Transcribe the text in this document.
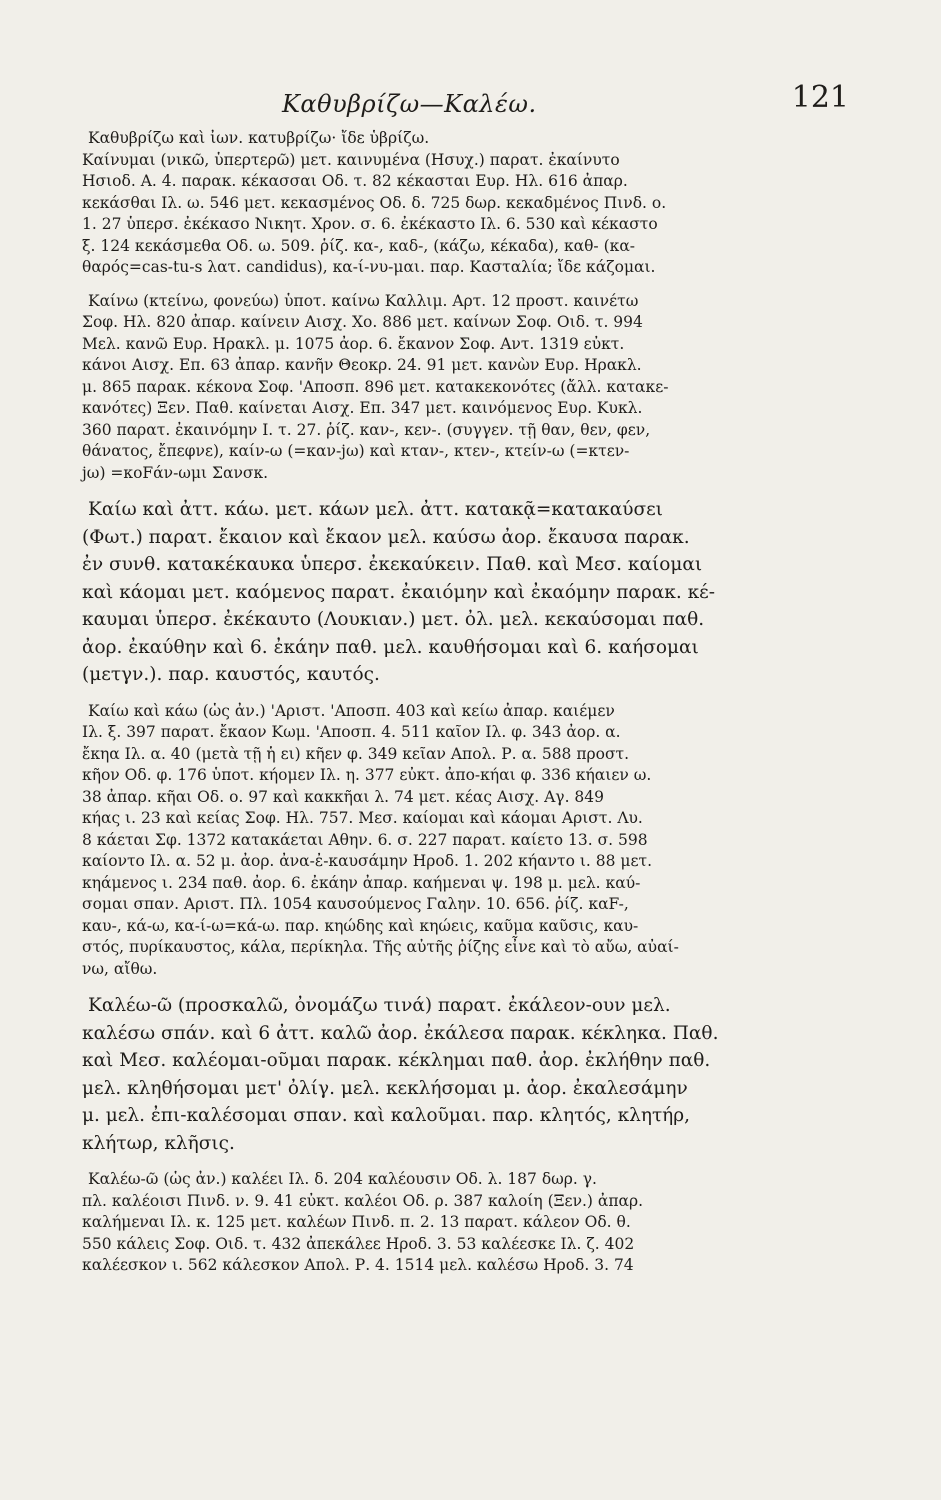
Καθυβρίζω—Καλέω.	121

Καθυβρίζω καὶ ἰων. κατυβρίζω· ἴδε ὑβρίζω.

Καίνυμαι (νικῶ, ὑπερτερῶ) μετ. καινυμένα (Ησυχ.) παρατ. ἐκαίνυτο

Ησιοδ. Α. 4. παρακ. κέκασσαι Οδ. τ. 82 κέκασται Ευρ. Ηλ. 616 ἀπαρ.

κεκάσθαι Ιλ. ω. 546 μετ. κεκασμένος Οδ. δ. 725 δωρ. κεκαδμένος Πινδ. ο.

1. 27 ὑπερσ. ἐκέκασο Νικητ. Χρον. σ. 6. ἐκέκαστο Ιλ. 6. 530 καὶ κέκαστο

ξ. 124 κεκάσμεθα Οδ. ω. 509. ῥίζ. κα-, καδ-, (κάζω, κέκαδα), καθ- (κα-

θαρός=cas-tu-s λατ. candidus), κα-ί-νυ-μαι. παρ. Κασταλία; ἴδε κάζομαι.

Καίνω (κτείνω, φονεύω) ὑποτ. καίνω Καλλιμ. Αρτ. 12 προστ. καινέτω

Σοφ. Ηλ. 820 ἀπαρ. καίνειν Αισχ. Χο. 886 μετ. καίνων Σοφ. Οιδ. τ. 994

Μελ. κανῶ Ευρ. Ηρακλ. μ. 1075 ἀορ. 6. ἔκανον Σοφ. Αντ. 1319 εὐκτ.

κάνοι Αισχ. Επ. 63 ἀπαρ. κανῆν Θεοκρ. 24. 91 μετ. κανὼν Ευρ. Ηρακλ.

μ. 865 παρακ. κέκονα Σοφ. 'Αποσπ. 896 μετ. κατακεκονότες (ἄλλ. κατακε-

κανότες) Ξεν. Παθ. καίνεται Αισχ. Επ. 347 μετ. καινόμενος Ευρ. Κυκλ.

360 παρατ. ἐκαινόμην Ι. τ. 27. ῥίζ. καν-, κεν-. (συγγεν. τῇ θαν, θεν, φεν,

θάνατος, ἔπεφνε), καίν-ω (=καν-jω) καὶ κταν-, κτεν-, κτείν-ω (=κτεν-

jω) =κοFάν-ωμι Σανσκ.

Καίω καὶ ἀττ. κάω. μετ. κάων μελ. ἀττ. κατακᾷ=κατακαύσει

(Φωτ.) παρατ. ἔκαιον καὶ ἔκαον μελ. καύσω ἀορ. ἔκαυσα παρακ.

ἐν συνθ. κατακέκαυκα ὑπερσ. ἐκεκαύκειν. Παθ. καὶ Μεσ. καίομαι

καὶ κάομαι μετ. καόμενος παρατ. ἐκαιόμην καὶ ἐκαόμην παρακ. κέ-

καυμαι ὑπερσ. ἐκέκαυτο (Λουκιαν.) μετ. ὀλ. μελ. κεκαύσομαι παθ.

ἀορ. ἐκαύθην καὶ 6. ἐκάην παθ. μελ. καυθήσομαι καὶ 6. καήσομαι

(μετγν.). παρ. καυστός, καυτός.

Καίω καὶ κάω (ὡς ἀν.) 'Αριστ. 'Αποσπ. 403 καὶ κείω ἀπαρ. καιέμεν

Ιλ. ξ. 397 παρατ. ἔκαον Κωμ. 'Αποσπ. 4. 511 καῖον Ιλ. φ. 343 ἀορ. α.

ἔκηα Ιλ. α. 40 (μετὰ τῇ ἡ ει) κῆεν φ. 349 κεῖαν Απολ. Ρ. α. 588 προστ.

κῆον Οδ. φ. 176 ὑποτ. κήομεν Ιλ. η. 377 εὐκτ. ἀπο-κήαι φ. 336 κήαιεν ω.

38 ἀπαρ. κῆαι Οδ. ο. 97 καὶ κακκῆαι λ. 74 μετ. κέας Αισχ. Αγ. 849

κήας ι. 23 καὶ κείας Σοφ. Ηλ. 757. Μεσ. καίομαι καὶ κάομαι Αριστ. Λυ.

8 κάεται Σφ. 1372 κατακάεται Αθην. 6. σ. 227 παρατ. καίετο 13. σ. 598

καίοντο Ιλ. α. 52 μ. ἀορ. ἀνα-ἐ-καυσάμην Ηροδ. 1. 202 κήαντο ι. 88 μετ.

κηάμενος ι. 234 παθ. ἀορ. 6. ἐκάην ἀπαρ. καήμεναι ψ. 198 μ. μελ. καύ-

σομαι σπαν. Αριστ. Πλ. 1054 καυσούμενος Γαλην. 10. 656. ῥίζ. καF-,

καυ-, κά-ω, κα-ί-ω=κά-ω. παρ. κηώδης καὶ κηώεις, καῦμα καῦσις, καυ-

στός, πυρίκαυστος, κάλα, περίκηλα. Τῆς αὐτῆς ῥίζης εἶνε καὶ τὸ αὔω, αὐαί-

νω, αἴθω.

Καλέω-ῶ (προσκαλῶ, ὀνομάζω τινά) παρατ. ἐκάλεον-ουν μελ.

καλέσω σπάν. καὶ 6 ἀττ. καλῶ ἀορ. ἐκάλεσα παρακ. κέκληκα. Παθ.

καὶ Μεσ. καλέομαι-οῦμαι παρακ. κέκλημαι παθ. ἀορ. ἐκλήθην παθ.

μελ. κληθήσομαι μετ' ὀλίγ. μελ. κεκλήσομαι μ. ἀορ. ἐκαλεσάμην

μ. μελ. ἐπι-καλέσομαι σπαν. καὶ καλοῦμαι. παρ. κλητός, κλητήρ,

κλήτωρ, κλῆσις.

Καλέω-ῶ (ὡς ἀν.) καλέει Ιλ. δ. 204 καλέουσιν Οδ. λ. 187 δωρ. γ.

πλ. καλέοισι Πινδ. ν. 9. 41 εὐκτ. καλέοι Οδ. ρ. 387 καλοίη (Ξεν.) ἀπαρ.

καλήμεναι Ιλ. κ. 125 μετ. καλέων Πινδ. π. 2. 13 παρατ. κάλεον Οδ. θ.

550 κάλεις Σοφ. Οιδ. τ. 432 ἀπεκάλεε Ηροδ. 3. 53 καλέεσκε Ιλ. ζ. 402

καλέεσκον ι. 562 κάλεσκον Απολ. Ρ. 4. 1514 μελ. καλέσω Ηροδ. 3. 74
